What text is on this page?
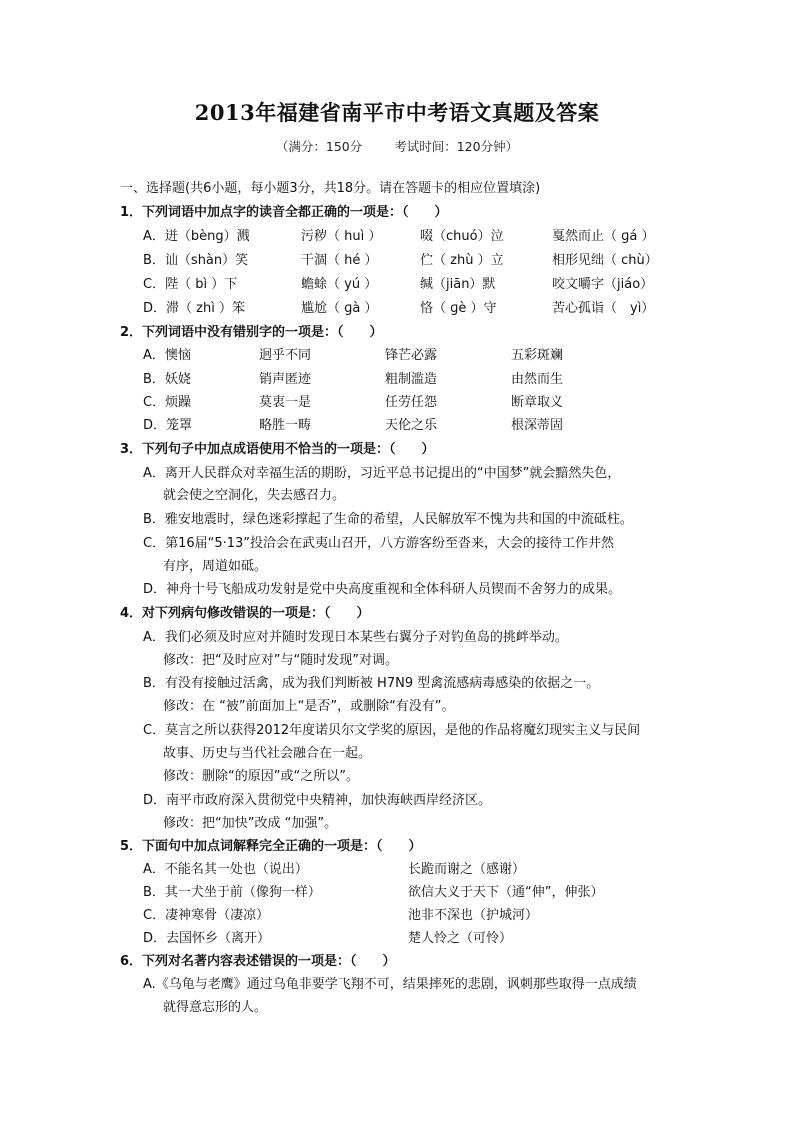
2013年福建省南平市中考语文真题及答案
（满分：150分	考试时间：120分钟）
一、选择题(共6小题，每小题3分，共18分。请在答题卡的相应位置填涂)
1．下列词语中加点字的读音全都正确的一项是：（　　）
A．迸（bèng）溅	污秽（ huì ）	啜（chuó）泣	戛然而止（ ɡá ）
B．讪（shàn）笑	干涸（ hé ）	伫（ zhù ）立	相形见绌（ chù）
C．陛（ bì ）下	蟾蜍（ yú ）	缄（jiān）默	咬文嚼字（jiáo）
D．滞（ zhì ）笨	尴尬（ ɡà ）	恪（ ɡè ）守	苦心孤诣（　yì）
2．下列词语中没有错别字的一项是：（　　）
A．懊恼	迥乎不同	锋芒必露	五彩斑斓
B．妖娆	销声匿迹	粗制滥造	由然而生
C．烦躁	莫衷一是	任劳任怨	断章取义
D．笼罩	略胜一畴	天伦之乐	根深蒂固
3．下列句子中加点成语使用不恰当的一项是：（　　）
A．离开人民群众对幸福生活的期盼，习近平总书记提出的“中国梦”就会黯然失色，
就会使之空洞化，失去感召力。
B．雅安地震时，绿色迷彩撑起了生命的希望，人民解放军不愧为共和国的中流砥柱。
C．第16届“5·13”投洽会在武夷山召开，八方游客纷至沓来，大会的接待工作井然
有序，周道如砥。
D．神舟十号飞船成功发射是党中央高度重视和全体科研人员锲而不舍努力的成果。
4．对下列病句修改错误的一项是：（　　）
A．我们必须及时应对并随时发现日本某些右翼分子对钓鱼岛的挑衅举动。
修改：把“及时应对”与“随时发现”对调。
B．有没有接触过活禽，成为我们判断被 H7N9 型禽流感病毒感染的依据之一。
修改：在 “被”前面加上“是否”，或删除“有没有”。
C．莫言之所以获得2012年度诺贝尔文学奖的原因，是他的作品将魔幻现实主义与民间
故事、历史与当代社会融合在一起。
修改：删除“的原因”或“之所以”。
D．南平市政府深入贯彻党中央精神，加快海峡西岸经济区。
修改：把“加快”改成 “加强”。
5．下面句中加点词解释完全正确的一项是：（　　）
A．不能名其一处也（说出）	长跪而谢之（感谢）
B．其一犬坐于前（像狗一样）	欲信大义于天下（通“伸”，伸张）
C．凄神寒骨（凄凉）	池非不深也（护城河）
D．去国怀乡（离开）	楚人怜之（可怜）
6．下列对名著内容表述错误的一项是：（　　）
A.《乌龟与老鹰》通过乌龟非要学飞翔不可，结果摔死的悲剧，讽刺那些取得一点成绩
就得意忘形的人。
